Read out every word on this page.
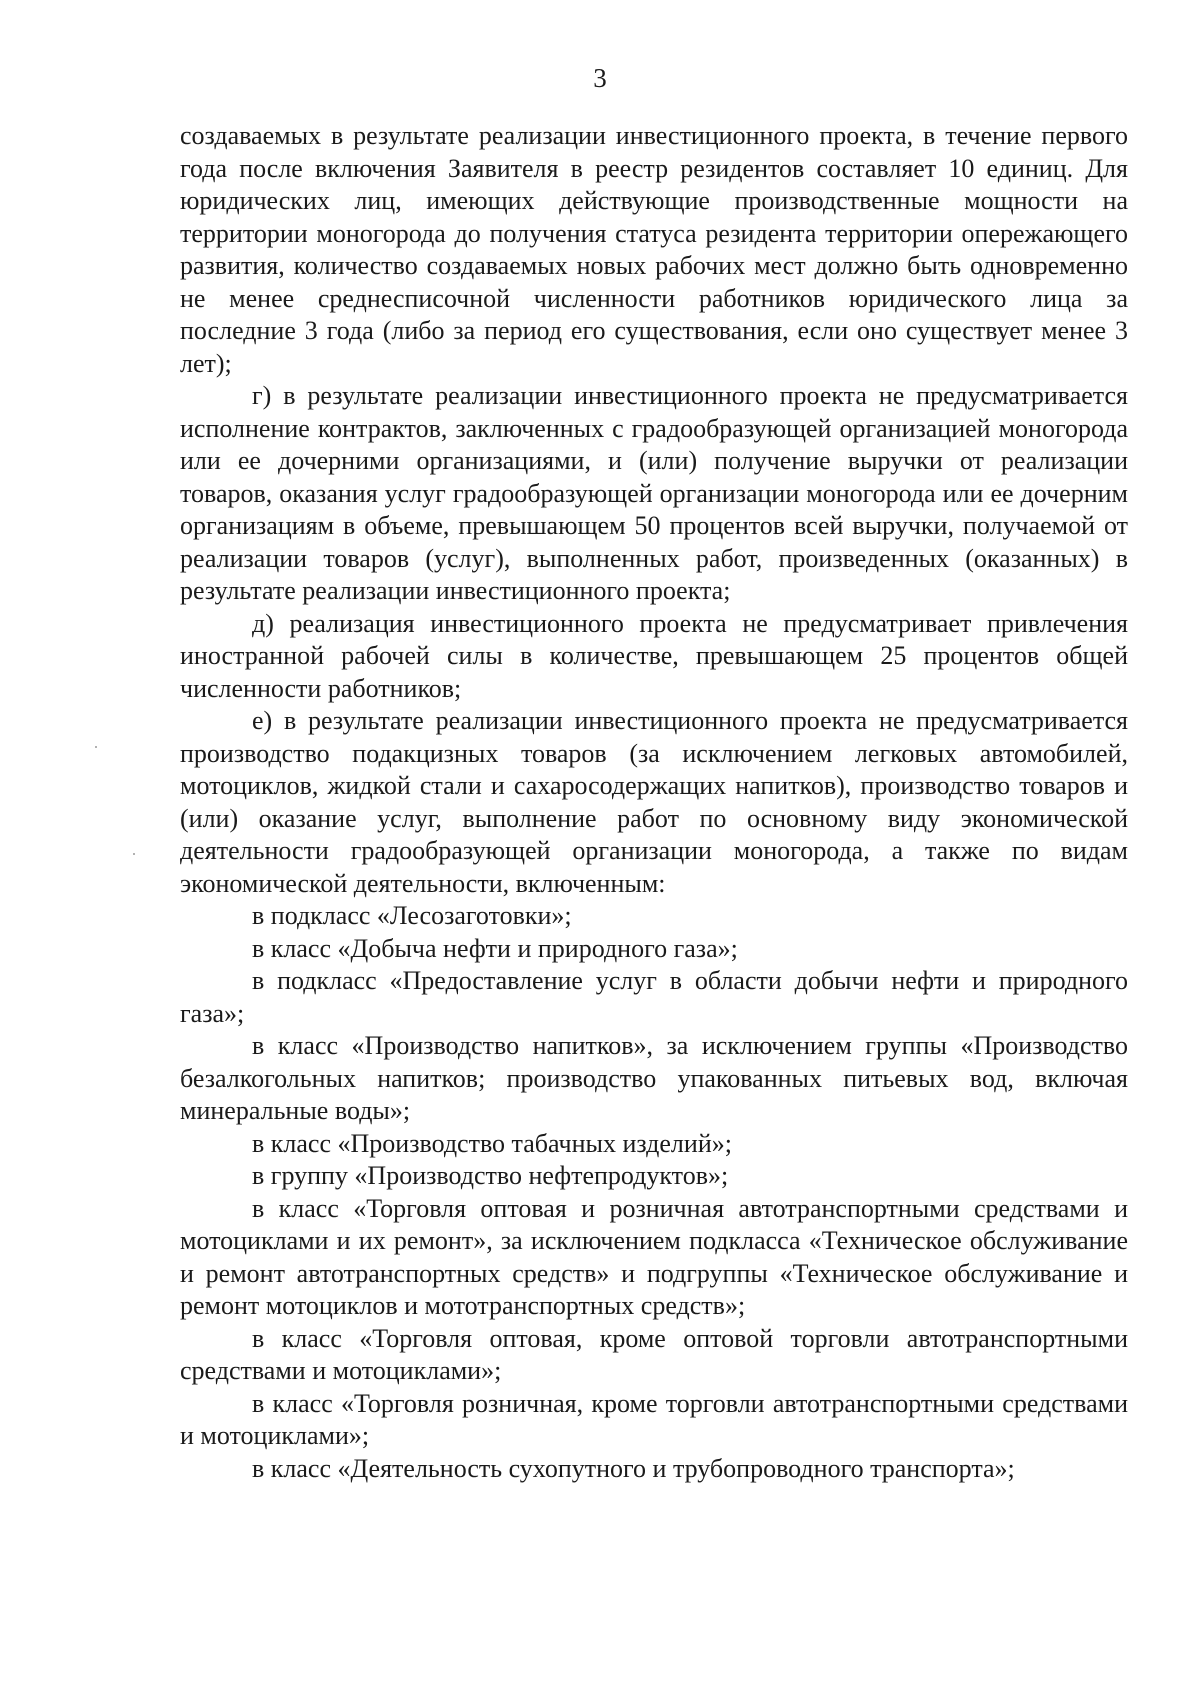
3

создаваемых в результате реализации инвестиционного проекта, в течение первого года после включения Заявителя в реестр резидентов составляет 10 единиц. Для юридических лиц, имеющих действующие производственные мощности на территории моногорода до получения статуса резидента территории опережающего развития, количество создаваемых новых рабочих мест должно быть одновременно не менее среднесписочной численности работников юридического лица за последние 3 года (либо за период его существования, если оно существует менее 3 лет);

г) в результате реализации инвестиционного проекта не предусматривается исполнение контрактов, заключенных с градообразующей организацией моногорода или ее дочерними организациями, и (или) получение выручки от реализации товаров, оказания услуг градообразующей организации моногорода или ее дочерним организациям в объеме, превышающем 50 процентов всей выручки, получаемой от реализации товаров (услуг), выполненных работ, произведенных (оказанных) в результате реализации инвестиционного проекта;

д) реализация инвестиционного проекта не предусматривает привлечения иностранной рабочей силы в количестве, превышающем 25 процентов общей численности работников;

е) в результате реализации инвестиционного проекта не предусматривается производство подакцизных товаров (за исключением легковых автомобилей, мотоциклов, жидкой стали и сахаросодержащих напитков), производство товаров и (или) оказание услуг, выполнение работ по основному виду экономической деятельности градообразующей организации моногорода, а также по видам экономической деятельности, включенным:

в подкласс «Лесозаготовки»;

в класс «Добыча нефти и природного газа»;

в подкласс «Предоставление услуг в области добычи нефти и природного газа»;

в класс «Производство напитков», за исключением группы «Производство безалкогольных напитков; производство упакованных питьевых вод, включая минеральные воды»;

в класс «Производство табачных изделий»;

в группу «Производство нефтепродуктов»;

в класс «Торговля оптовая и розничная автотранспортными средствами и мотоциклами и их ремонт», за исключением подкласса «Техническое обслуживание и ремонт автотранспортных средств» и подгруппы «Техническое обслуживание и ремонт мотоциклов и мототранспортных средств»;

в класс «Торговля оптовая, кроме оптовой торговли автотранспортными средствами и мотоциклами»;

в класс «Торговля розничная, кроме торговли автотранспортными средствами и мотоциклами»;

в класс «Деятельность сухопутного и трубопроводного транспорта»;
